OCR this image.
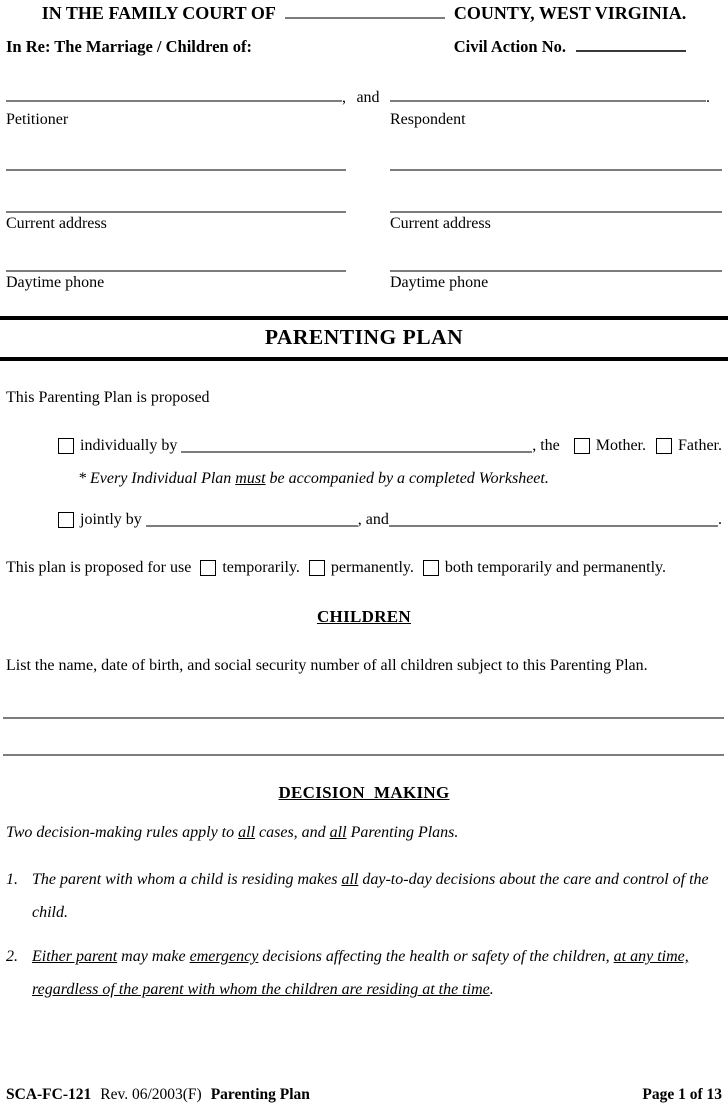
IN THE FAMILY COURT OF	COUNTY, WEST VIRGINIA.
In Re: The Marriage / Children of:	Civil Action No.
, and	.
Petitioner	Respondent
Current address	Current address
Daytime phone	Daytime phone
PARENTING PLAN
This Parenting Plan is proposed
individually by	, the Mother. Father.
* Every Individual Plan must be accompanied by a completed Worksheet.
jointly by	, and	.
This plan is proposed for use temporarily. permanently. both temporarily and permanently.
CHILDREN
List the name, date of birth, and social security number of all children subject to this Parenting Plan.
DECISION  MAKING
Two decision-making rules apply to all cases, and all Parenting Plans.
1. The parent with whom a child is residing makes all day-to-day decisions about the care and control of the child.
2. Either parent may make emergency decisions affecting the health or safety of the children, at any time, regardless of the parent with whom the children are residing at the time.
SCA-FC-121 Rev. 06/2003(F) Parenting Plan	Page 1 of 13
